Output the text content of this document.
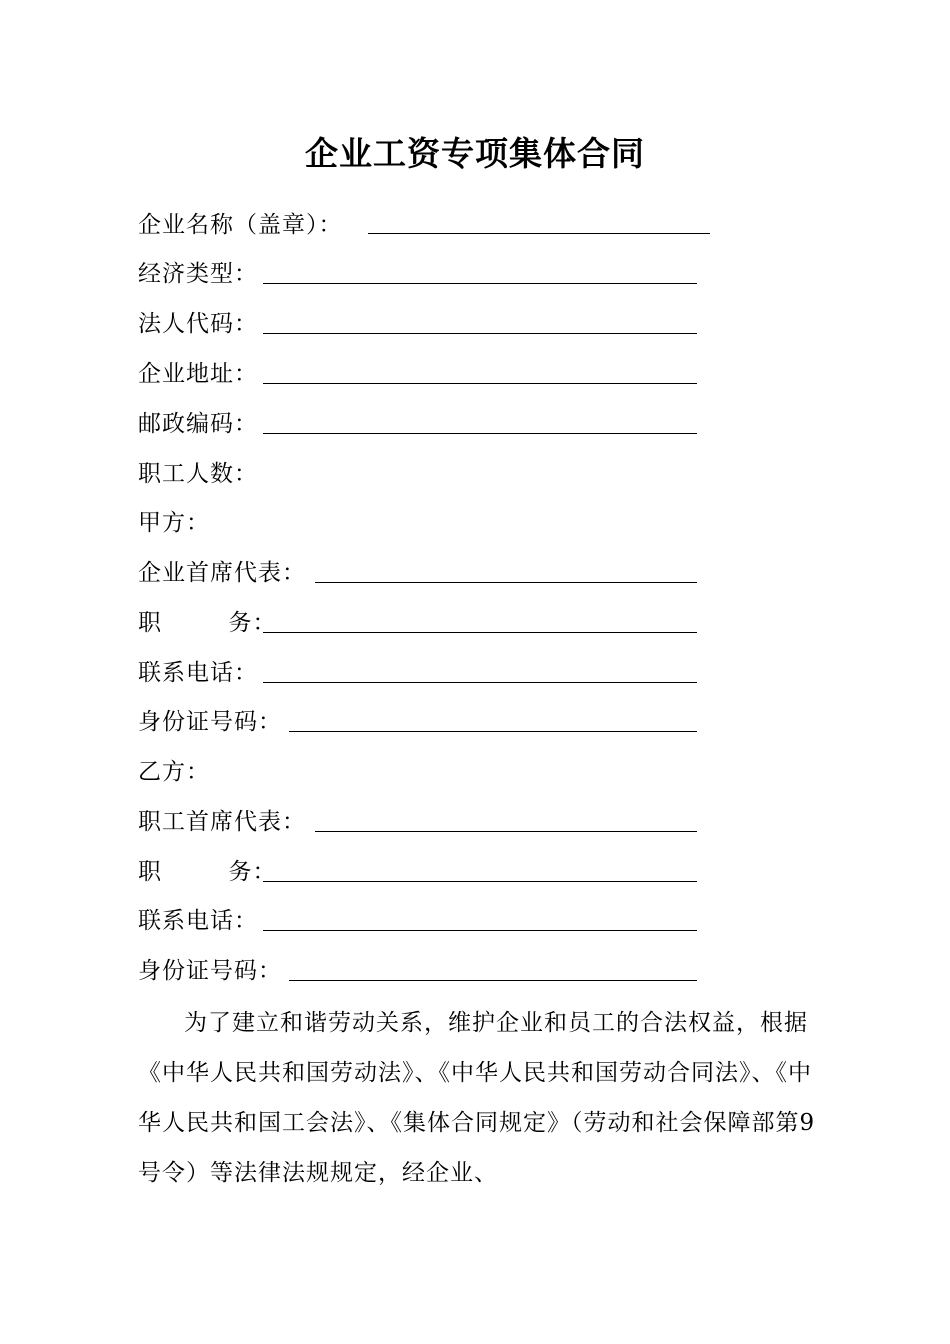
企业工资专项集体合同
企业名称（盖章）：
经济类型：
法人代码：
企业地址：
邮政编码：
职工人数：
甲方：
企业首席代表：
职        务：
联系电话：
身份证号码：
乙方：
职工首席代表：
职        务：
联系电话：
身份证号码：
为了建立和谐劳动关系，维护企业和员工的合法权益，根据《中华人民共和国劳动法》、《中华人民共和国劳动合同法》、《中华人民共和国工会法》、《集体合同规定》（劳动和社会保障部第9号令）等法律法规规定，经企业、
